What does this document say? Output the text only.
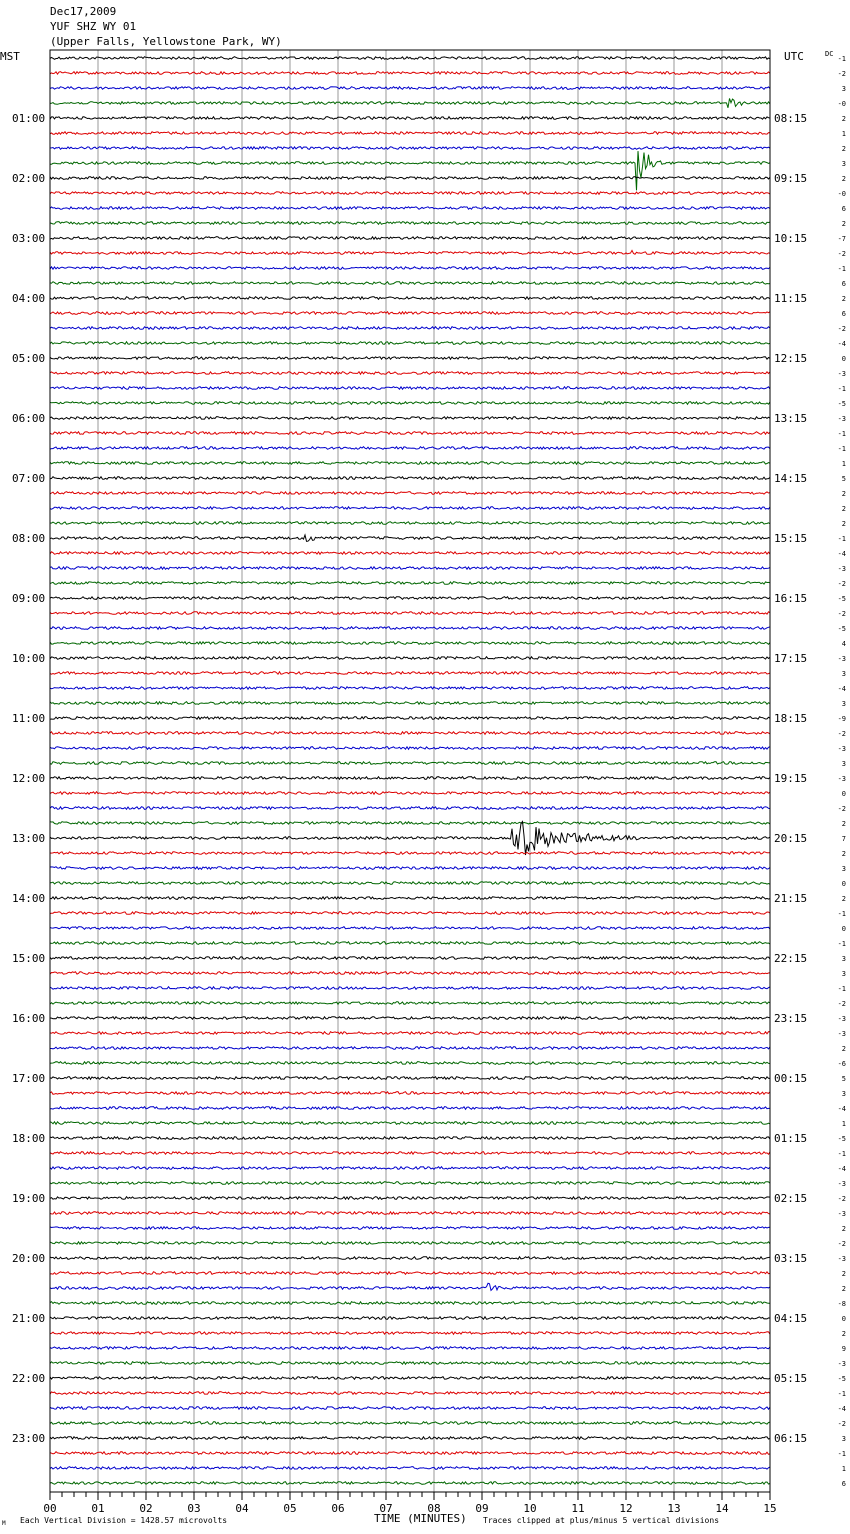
Dec17,2009
YUF SHZ WY 01
(Upper Falls, Yellowstone Park, WY)
01:00
02:00
03:00
04:00
05:00
06:00
07:00
08:00
09:00
10:00
11:00
12:00
13:00
14:00
15:00
16:00
17:00
18:00
19:00
20:00
21:00
22:00
23:00
08:15
09:15
10:15
11:15
12:15
13:15
14:15
15:15
16:15
17:15
18:15
19:15
20:15
21:15
22:15
23:15
00:15
01:15
02:15
03:15
04:15
05:15
06:15
-1
-2
3
-0
2
1
2
3
2
-0
6
2
-7
-2
-1
6
2
6
-2
-4
0
-3
-1
-5
-3
-1
-1
1
5
2
2
2
-1
-4
-3
-2
-5
-2
-5
4
-3
3
-4
3
-9
-2
-3
3
-3
0
-2
2
7
2
3
0
2
-1
0
-1
3
3
-1
-2
-3
-3
2
-6
5
3
-4
1
-5
-1
-4
-3
-2
-3
2
-2
-3
2
2
-8
0
2
9
-3
-5
-1
-4
-2
3
-1
1
6
00	01	02	03	04	05	06	07	08	09	10	11	12	13	14	15
MST	UTC	DC
TIME (MINUTES)
Each Vertical Division = 1428.57 microvolts	Traces clipped at plus/minus 5 vertical divisions
M
